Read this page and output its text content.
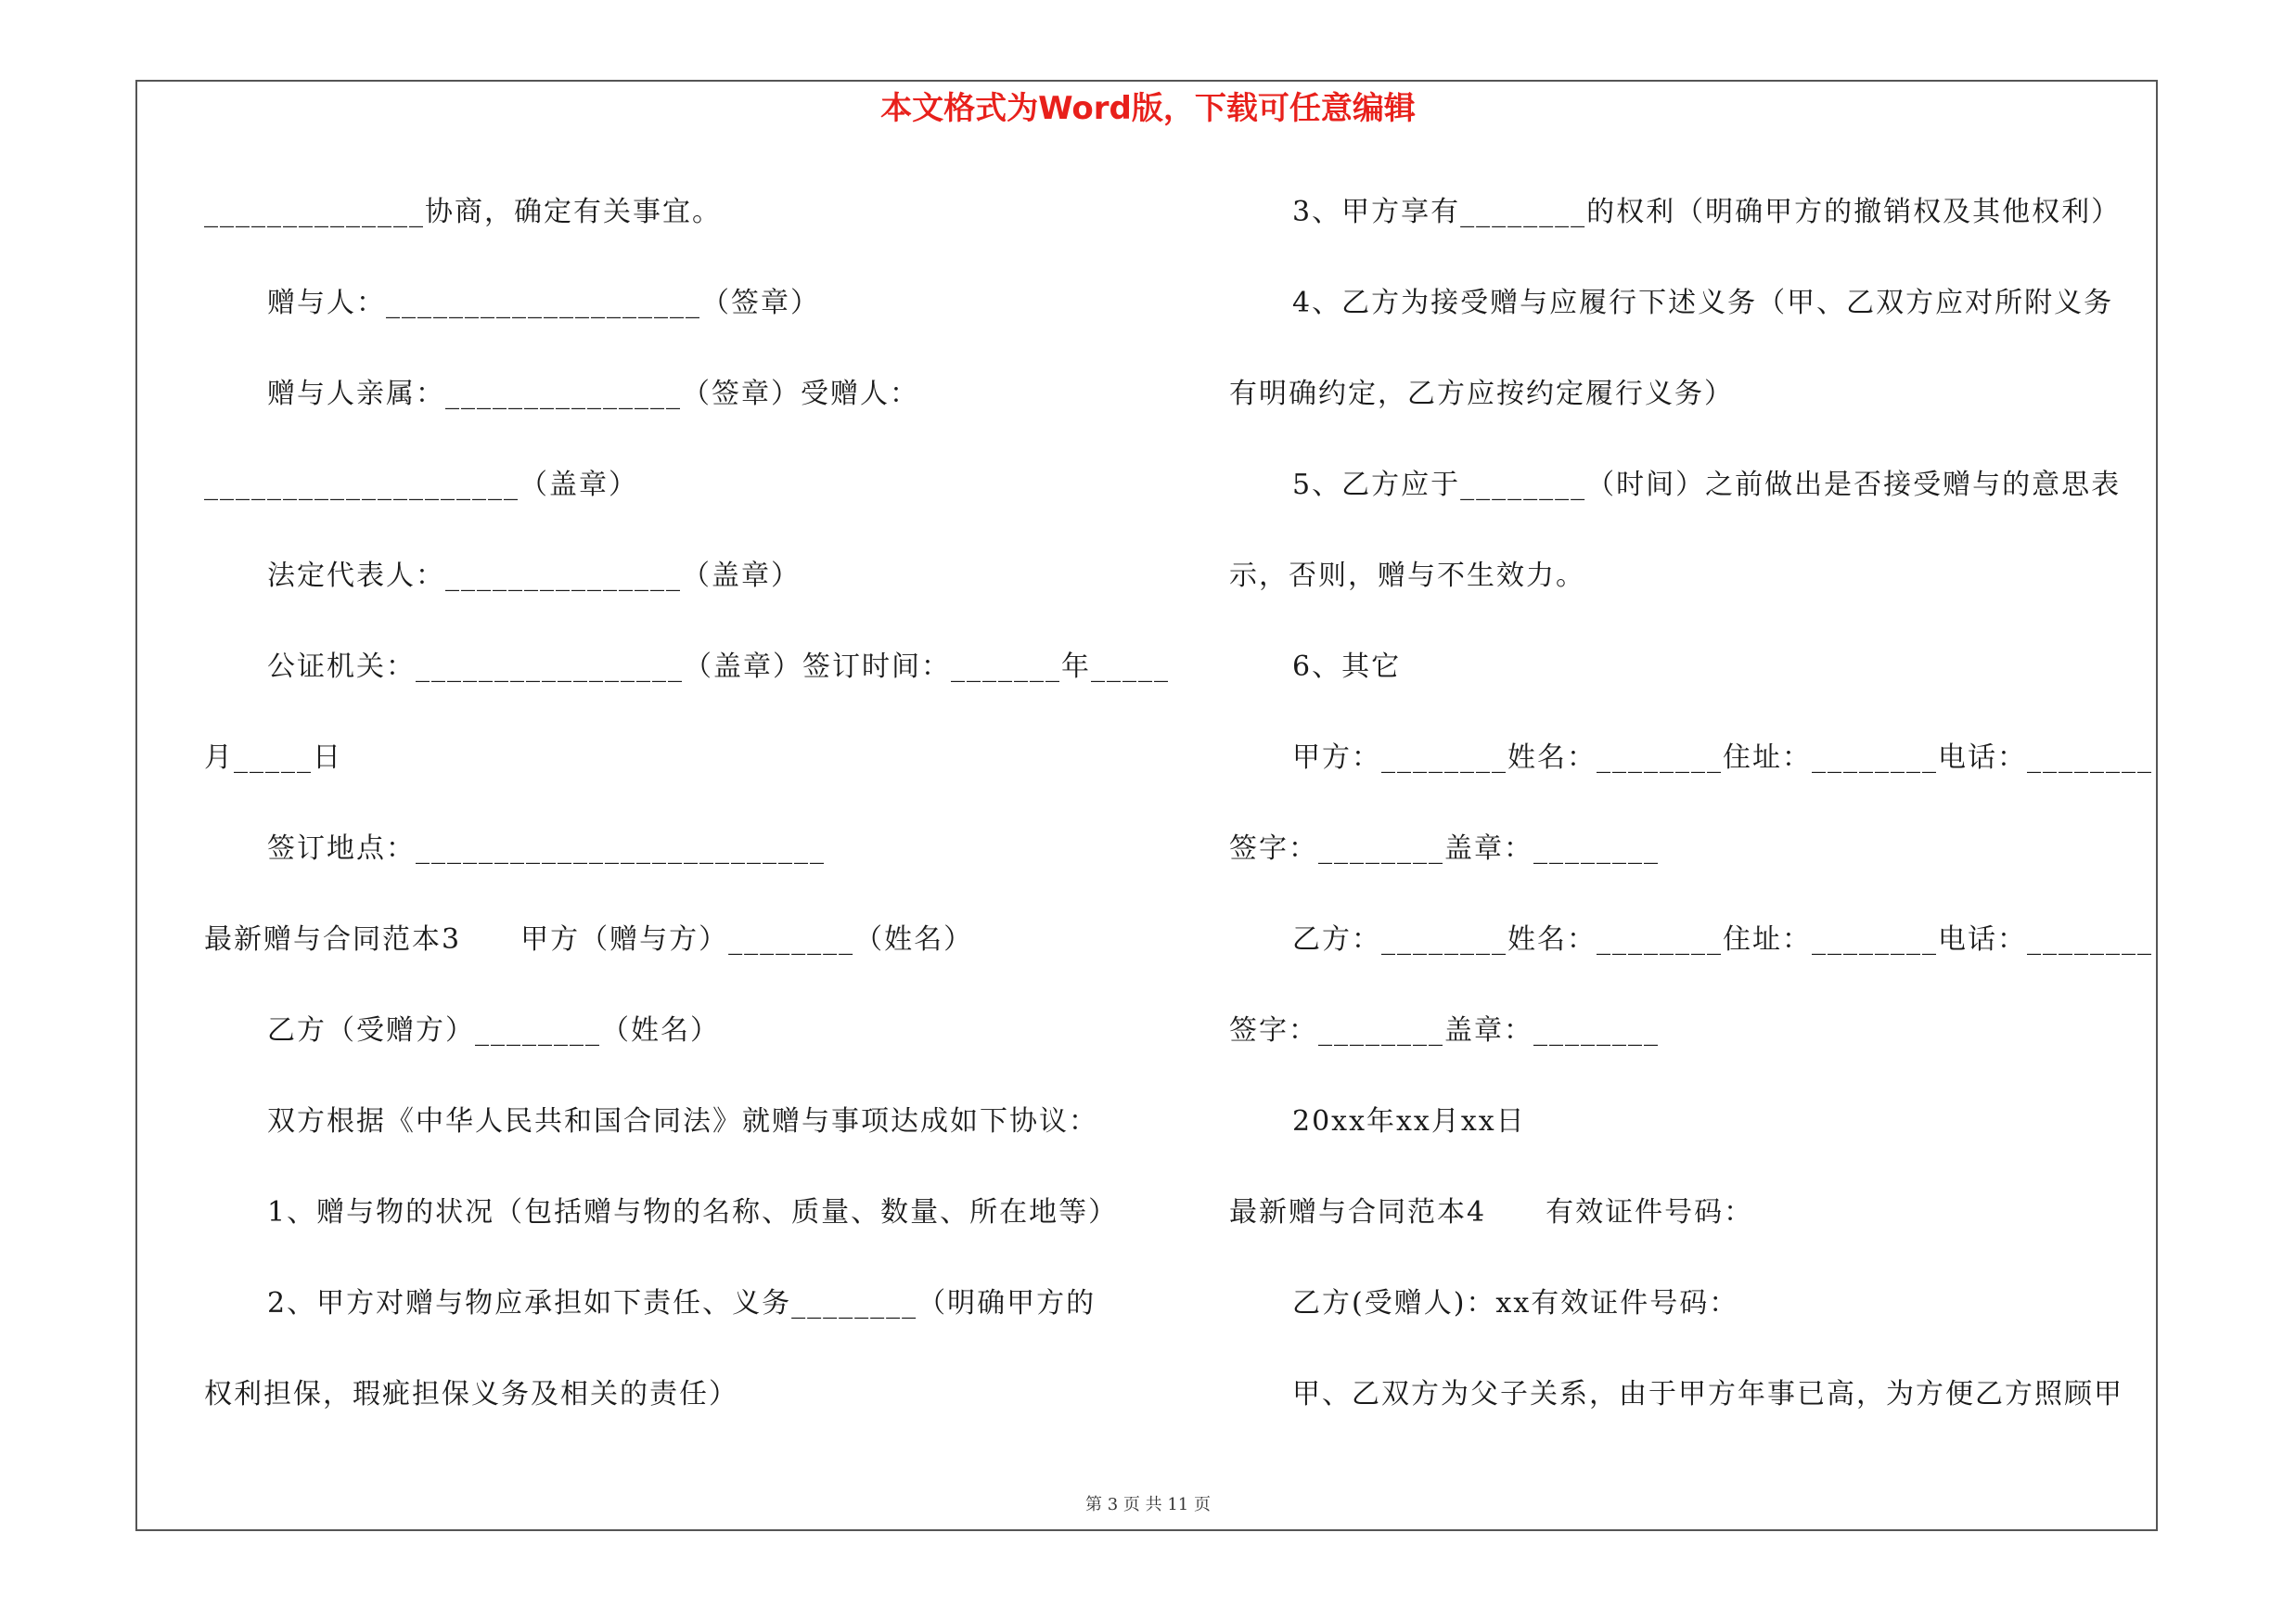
本文格式为Word版，下载可任意编辑
______________协商，确定有关事宜。
赠与人：____________________（签章）
赠与人亲属：_______________（签章）受赠人：
____________________（盖章）
法定代表人：_______________（盖章）
公证机关：_________________（盖章）签订时间：_______年_____
月_____日
签订地点：__________________________
最新赠与合同范本3　　甲方（赠与方）________（姓名）
乙方（受赠方）________（姓名）
双方根据《中华人民共和国合同法》就赠与事项达成如下协议：
1、赠与物的状况（包括赠与物的名称、质量、数量、所在地等）
2、甲方对赠与物应承担如下责任、义务________（明确甲方的
权利担保，瑕疵担保义务及相关的责任）
3、甲方享有________的权利（明确甲方的撤销权及其他权利）
4、乙方为接受赠与应履行下述义务（甲、乙双方应对所附义务
有明确约定，乙方应按约定履行义务）
5、乙方应于________（时间）之前做出是否接受赠与的意思表
示，否则，赠与不生效力。
6、其它
甲方：________姓名：________住址：________电话：________
签字：________盖章：________
乙方：________姓名：________住址：________电话：________
签字：________盖章：________
20xx年xx月xx日
最新赠与合同范本4　　有效证件号码：
乙方(受赠人)：xx有效证件号码：
甲、乙双方为父子关系，由于甲方年事已高，为方便乙方照顾甲
第 3 页 共 11 页
